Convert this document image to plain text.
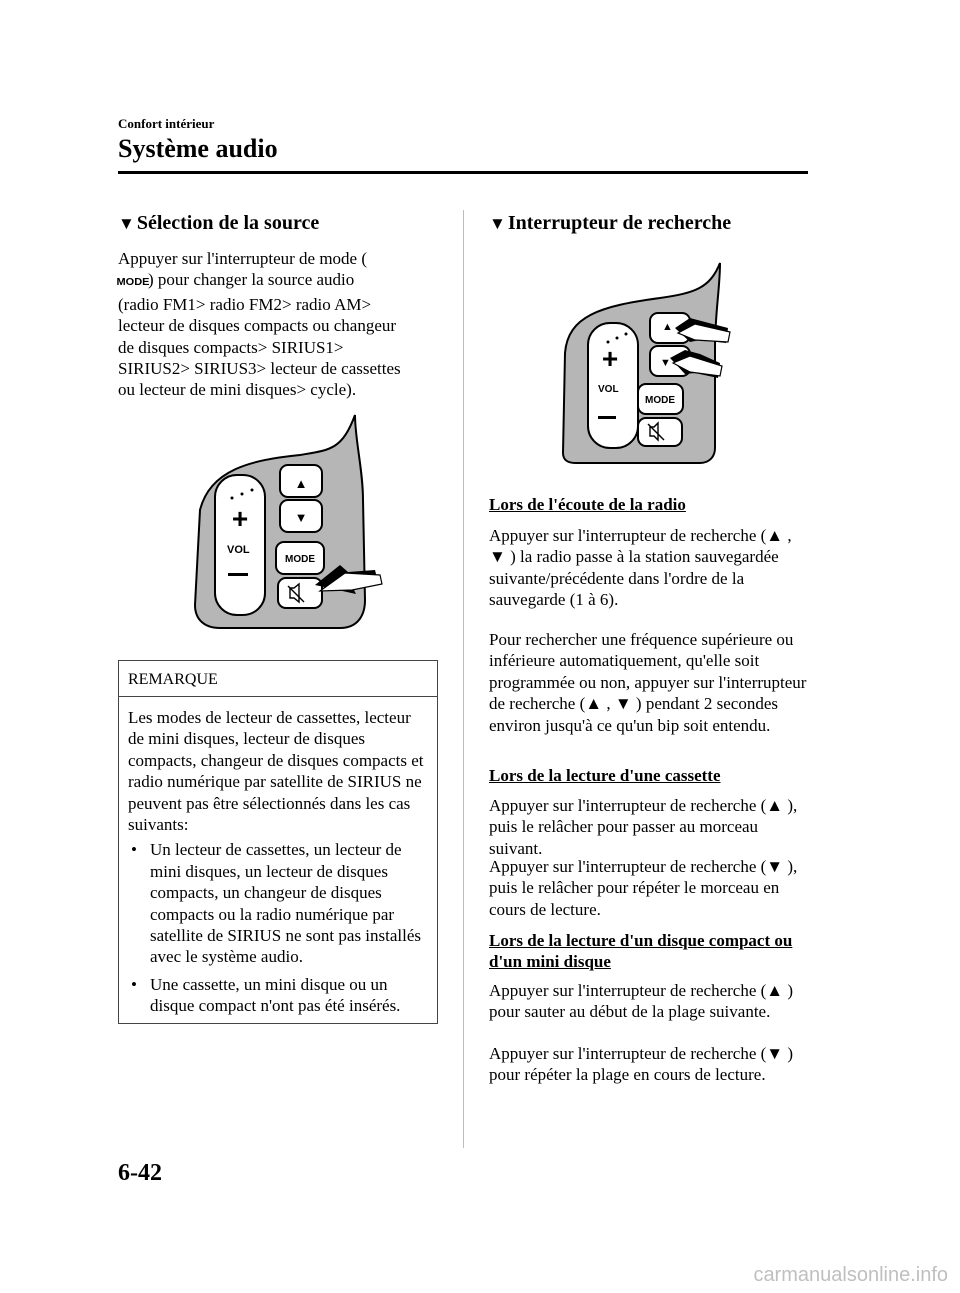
Confort intérieur
Système audio
▼ Sélection de la source
Appuyer sur l'interrupteur de mode (
MODE) pour changer la source audio
(radio FM1> radio FM2> radio AM>
lecteur de disques compacts ou changeur
de disques compacts> SIRIUS1>
SIRIUS2> SIRIUS3> lecteur de cassettes
ou lecteur de mini disques> cycle).
+
VOL
▲
▼
MODE
REMARQUE
Les modes de lecteur de cassettes, lecteur de mini disques, lecteur de disques compacts, changeur de disques compacts et radio numérique par satellite de SIRIUS ne peuvent pas être sélectionnés dans les cas suivants:
• Un lecteur de cassettes, un lecteur de mini disques, un lecteur de disques compacts, un changeur de disques compacts ou la radio numérique par satellite de SIRIUS ne sont pas installés avec le système audio.
• Une cassette, un mini disque ou un disque compact n'ont pas été insérés.
▼ Interrupteur de recherche
+
VOL
▲
▼
MODE
Lors de l'écoute de la radio
Appuyer sur l'interrupteur de recherche (▲ , ▼ ) la radio passe à la station sauvegardée suivante/précédente dans l'ordre de la sauvegarde (1 à 6).
Pour rechercher une fréquence supérieure ou inférieure automatiquement, qu'elle soit programmée ou non, appuyer sur l'interrupteur de recherche (▲ , ▼ ) pendant 2 secondes environ jusqu'à ce qu'un bip soit entendu.
Lors de la lecture d'une cassette
Appuyer sur l'interrupteur de recherche (▲ ), puis le relâcher pour passer au morceau suivant.
Appuyer sur l'interrupteur de recherche (▼ ), puis le relâcher pour répéter le morceau en cours de lecture.
Lors de la lecture d'un disque compact ou d'un mini disque
Appuyer sur l'interrupteur de recherche (▲ ) pour sauter au début de la plage suivante.
Appuyer sur l'interrupteur de recherche (▼ ) pour répéter la plage en cours de lecture.
6-42
carmanualsonline.info
